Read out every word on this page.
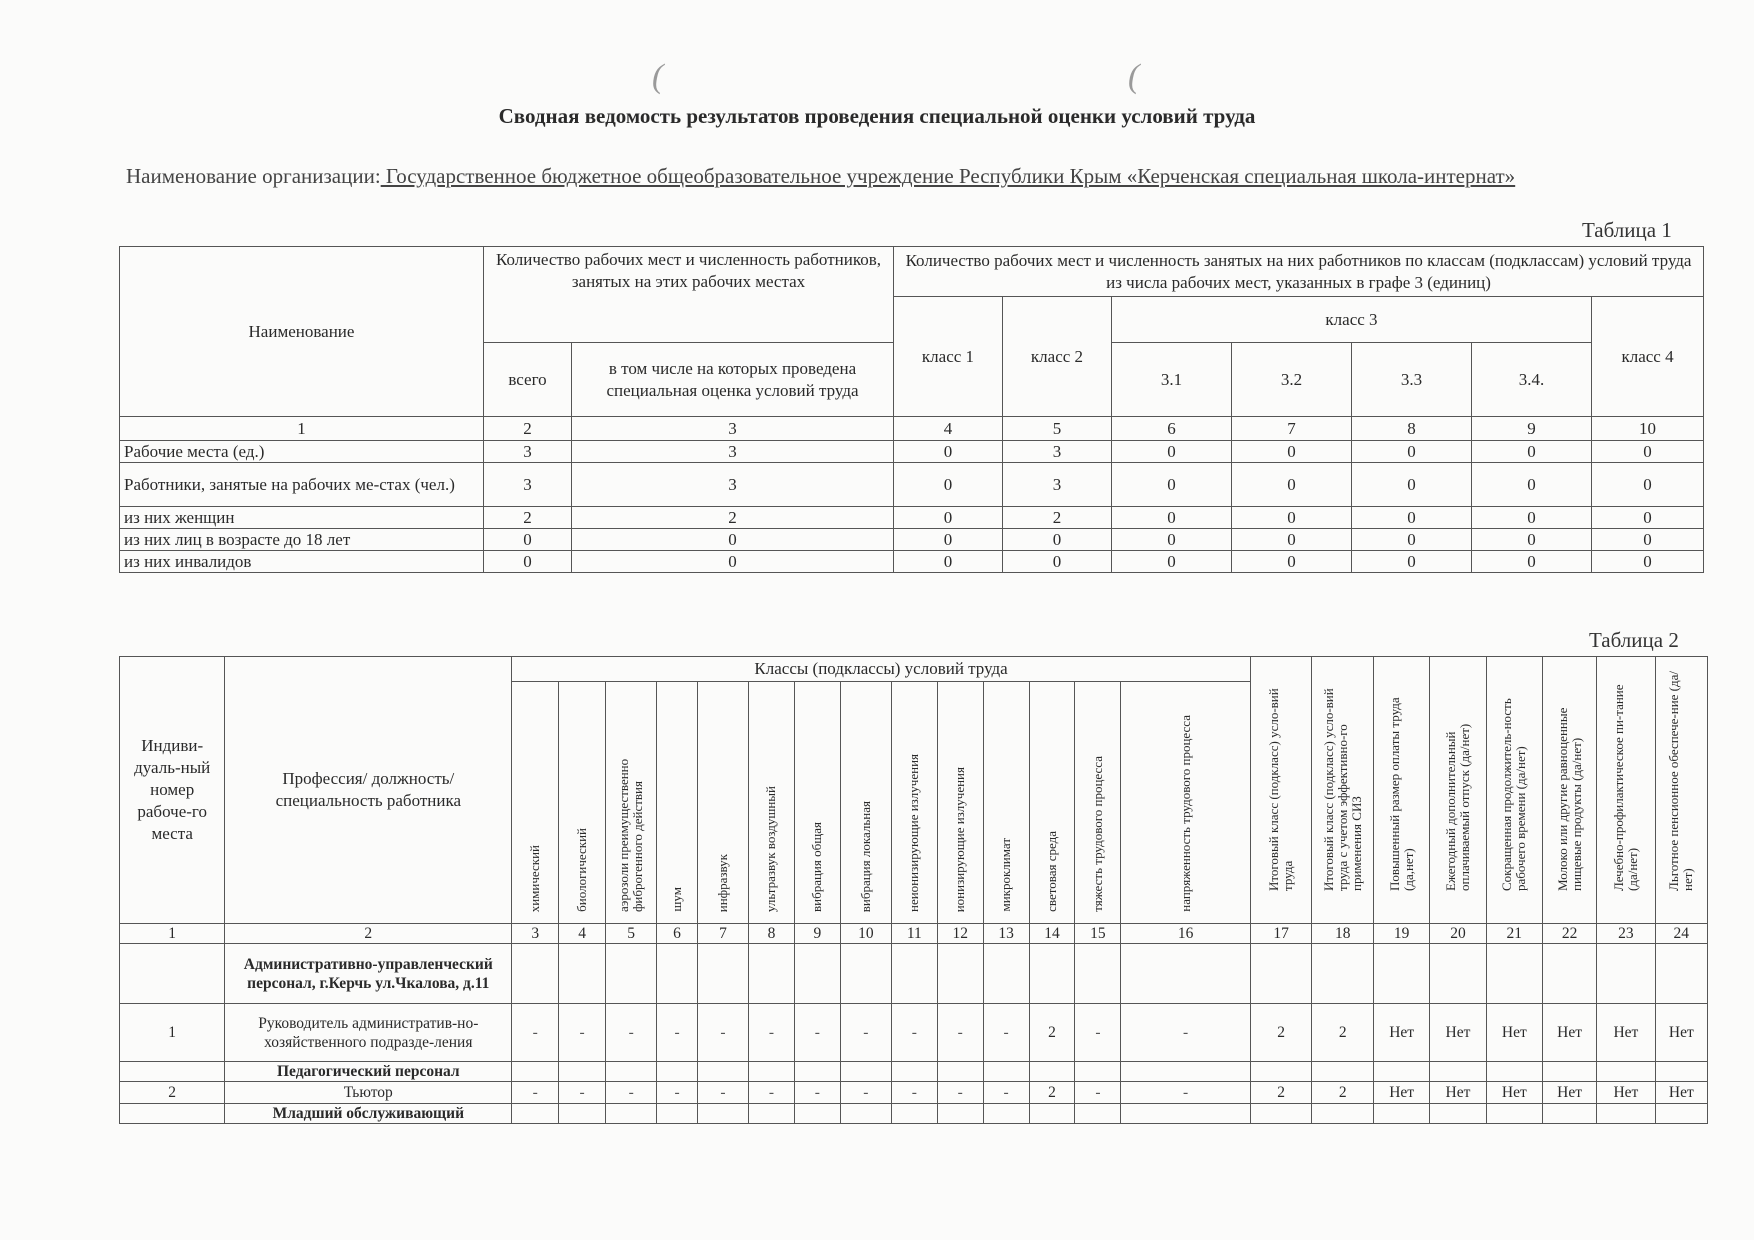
(	(
Сводная ведомость результатов проведения специальной оценки условий труда
Наименование организации: Государственное бюджетное общеобразовательное учреждение Республики Крым «Керченская специальная школа-интернат»
Таблица 1
Наименование	Количество рабочих мест и численность работников, занятых на этих рабочих местах		Количество рабочих мест и численность занятых на них работников по классам (подклассам) условий труда из числа рабочих мест, указанных в графе 3 (единиц)						
			класс 1	класс 2	класс 3				класс 4
	всего	в том числе на которых проведена специальная оценка условий труда			3.1	3.2	3.3	3.4.	
1	2	3	4	5	6	7	8	9	10
Рабочие места (ед.)	3	3	0	3	0	0	0	0	0
Работники, занятые на рабочих ме-стах (чел.)	3	3	0	3	0	0	0	0	0
из них женщин	2	2	0	2	0	0	0	0	0
из них лиц в возрасте до 18 лет	0	0	0	0	0	0	0	0	0
из них инвалидов	0	0	0	0	0	0	0	0	0
Таблица 2
Индиви-дуаль-ный номер рабоче-го места	Профессия/ должность/ специальность работника	Классы (подклассы) условий труда														Итоговый класс (подкласс) усло-вий труда	Итоговый класс (подкласс) усло-вий труда с учетом эффективно-го применения СИЗ	Повышенный размер оплаты труда (да,нет)	Ежегодный дополнительный оплачиваемый отпуск (да/нет)	Сокращенная продолжитель-ность рабочего времени (да/нет)	Молоко или другие равноценные пищевые продукты (да/нет)	Лечебно-профилактическое пи-тание (да/нет)	Льготное пенсионное обеспече-ние (да/нет)
		химический	биологический	аэрозоли преимущественно фиброгенного действия	шум	инфразвук	ультразвук воздушный	вибрация общая	вибрация локальная	неионизирующие излучения	ионизирующие излучения	микроклимат	световая среда	тяжесть трудового процесса	напряженность трудового процесса								
1	2	3	4	5	6	7	8	9	10	11	12	13	14	15	16	17	18	19	20	21	22	23	24
	Административно-управленческий персонал, г.Керчь ул.Чкалова, д.11																						
1	Руководитель административ-но-хозяйственного подразде-ления	-	-	-	-	-	-	-	-	-	-	-	2	-	-	2	2	Нет	Нет	Нет	Нет	Нет	Нет
	Педагогический персонал																						
2	Тьютор	-	-	-	-	-	-	-	-	-	-	-	2	-	-	2	2	Нет	Нет	Нет	Нет	Нет	Нет
	Младший обслуживающий																						
